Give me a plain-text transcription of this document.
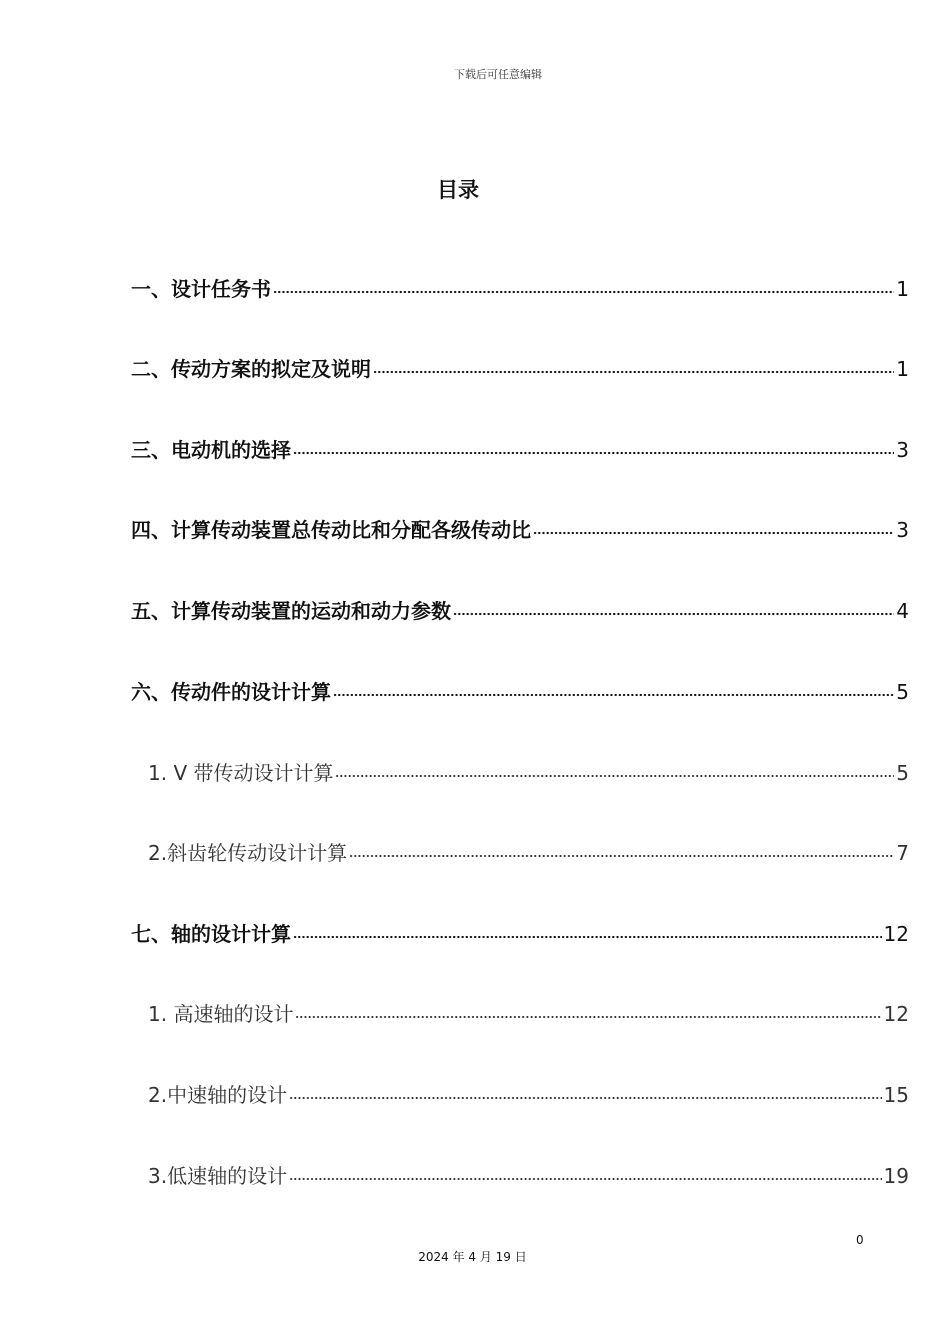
下载后可任意编辑
目录
一、设计任务书	1
二、传动方案的拟定及说明	1
三、电动机的选择	3
四、计算传动装置总传动比和分配各级传动比	3
五、计算传动装置的运动和动力参数	4
六、传动件的设计计算	5
1. V 带传动设计计算	5
2.斜齿轮传动设计计算	7
七、轴的设计计算	12
1. 高速轴的设计	12
2.中速轴的设计	15
3.低速轴的设计	19
0
2024 年 4 月 19 日
